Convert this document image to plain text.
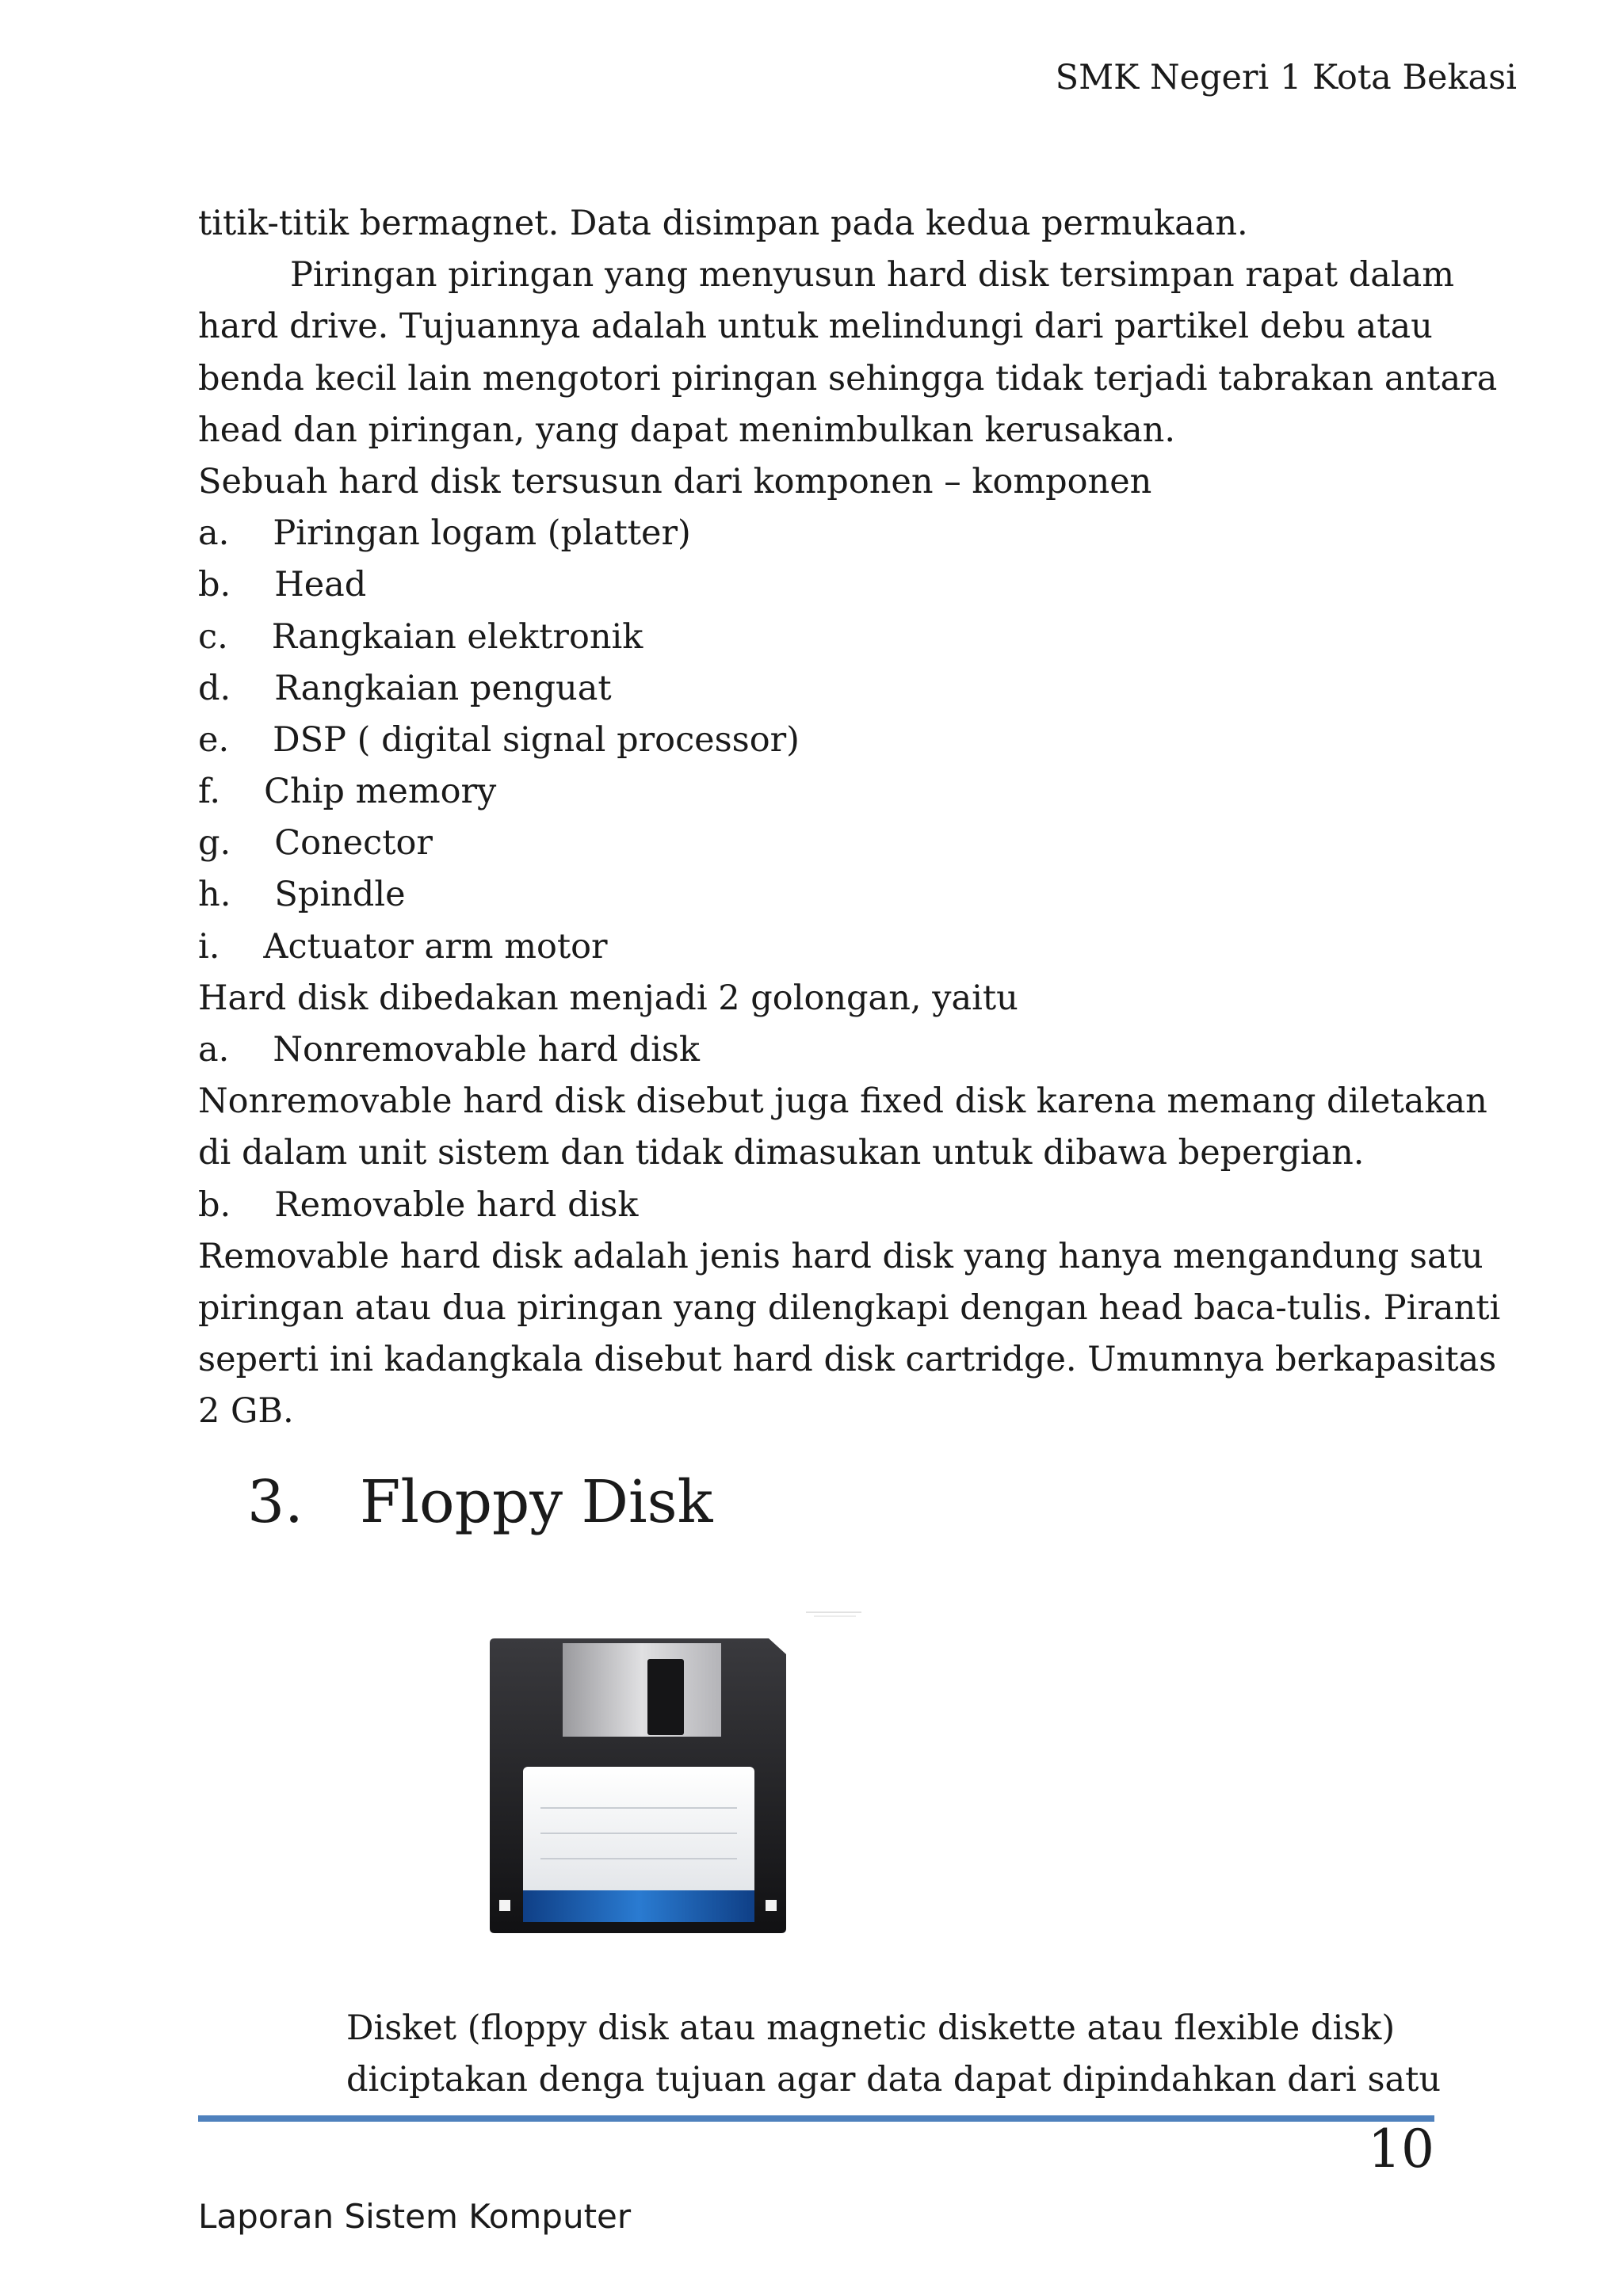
SMK Negeri 1 Kota Bekasi
titik-titik bermagnet. Data disimpan pada kedua permukaan.
Piringan piringan yang menyusun hard disk tersimpan rapat dalam
hard drive. Tujuannya adalah untuk melindungi dari partikel debu atau
benda kecil lain mengotori piringan sehingga tidak terjadi tabrakan antara
head dan piringan, yang dapat menimbulkan kerusakan.
Sebuah hard disk tersusun dari komponen – komponen
a. Piringan logam (platter)
b. Head
c. Rangkaian elektronik
d. Rangkaian penguat
e. DSP ( digital signal processor)
f. Chip memory
g. Conector
h. Spindle
i. Actuator arm motor
Hard disk dibedakan menjadi 2 golongan, yaitu
a. Nonremovable hard disk
Nonremovable hard disk disebut juga fixed disk karena memang diletakan
di dalam unit sistem dan tidak dimasukan untuk dibawa bepergian.
b. Removable hard disk
Removable hard disk adalah jenis hard disk yang hanya mengandung satu
piringan atau dua piringan yang dilengkapi dengan head baca-tulis. Piranti
seperti ini kadangkala disebut hard disk cartridge. Umumnya berkapasitas
2 GB.
3. Floppy Disk
Disket (floppy disk atau magnetic diskette atau flexible disk)
diciptakan denga tujuan agar data dapat dipindahkan dari satu
10
Laporan Sistem Komputer
